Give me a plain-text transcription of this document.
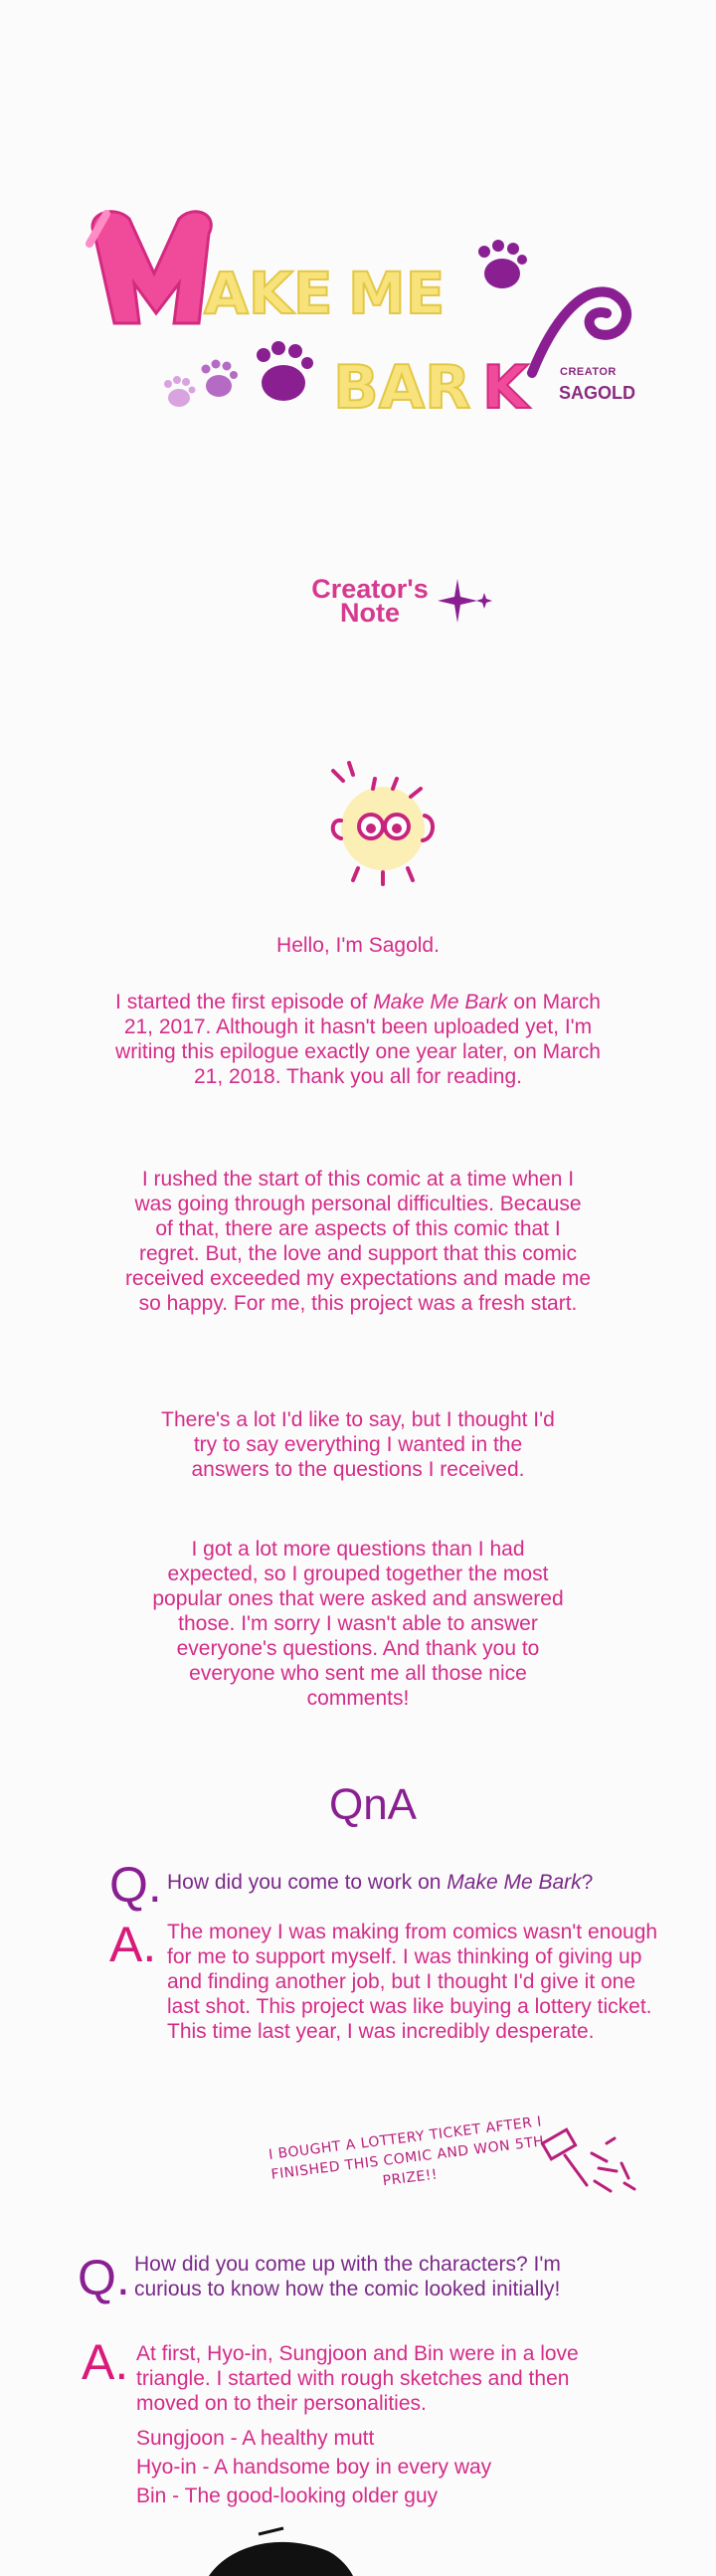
AKE ME
BAR K	CREATOR
SAGOLD
Creator's
Note
Hello, I'm Sagold.
I started the first episode of Make Me Bark on March 21, 2017. Although it hasn't been uploaded yet, I'm writing this epilogue exactly one year later, on March 21, 2018. Thank you all for reading.
I rushed the start of this comic at a time when I was going through personal difficulties. Because of that, there are aspects of this comic that I regret. But, the love and support that this comic received exceeded my expectations and made me so happy. For me, this project was a fresh start.
There's a lot I'd like to say, but I thought I'd try to say everything I wanted in the answers to the questions I received.
I got a lot more questions than I had expected, so I grouped together the most popular ones that were asked and answered those. I'm sorry I wasn't able to answer everyone's questions. And thank you to everyone who sent me all those nice comments!
QnA
Q. How did you come to work on Make Me Bark?
A. The money I was making from comics wasn't enough for me to support myself. I was thinking of giving up and finding another job, but I thought I'd give it one last shot. This project was like buying a lottery ticket. This time last year, I was incredibly desperate.
I BOUGHT A LOTTERY TICKET AFTER I FINISHED THIS COMIC AND WON 5TH PRIZE!!
Q. How did you come up with the characters? I'm curious to know how the comic looked initially!
A. At first, Hyo-in, Sungjoon and Bin were in a love triangle. I started with rough sketches and then moved on to their personalities.
Sungjoon - A healthy mutt
Hyo-in - A handsome boy in every way
Bin - The good-looking older guy
